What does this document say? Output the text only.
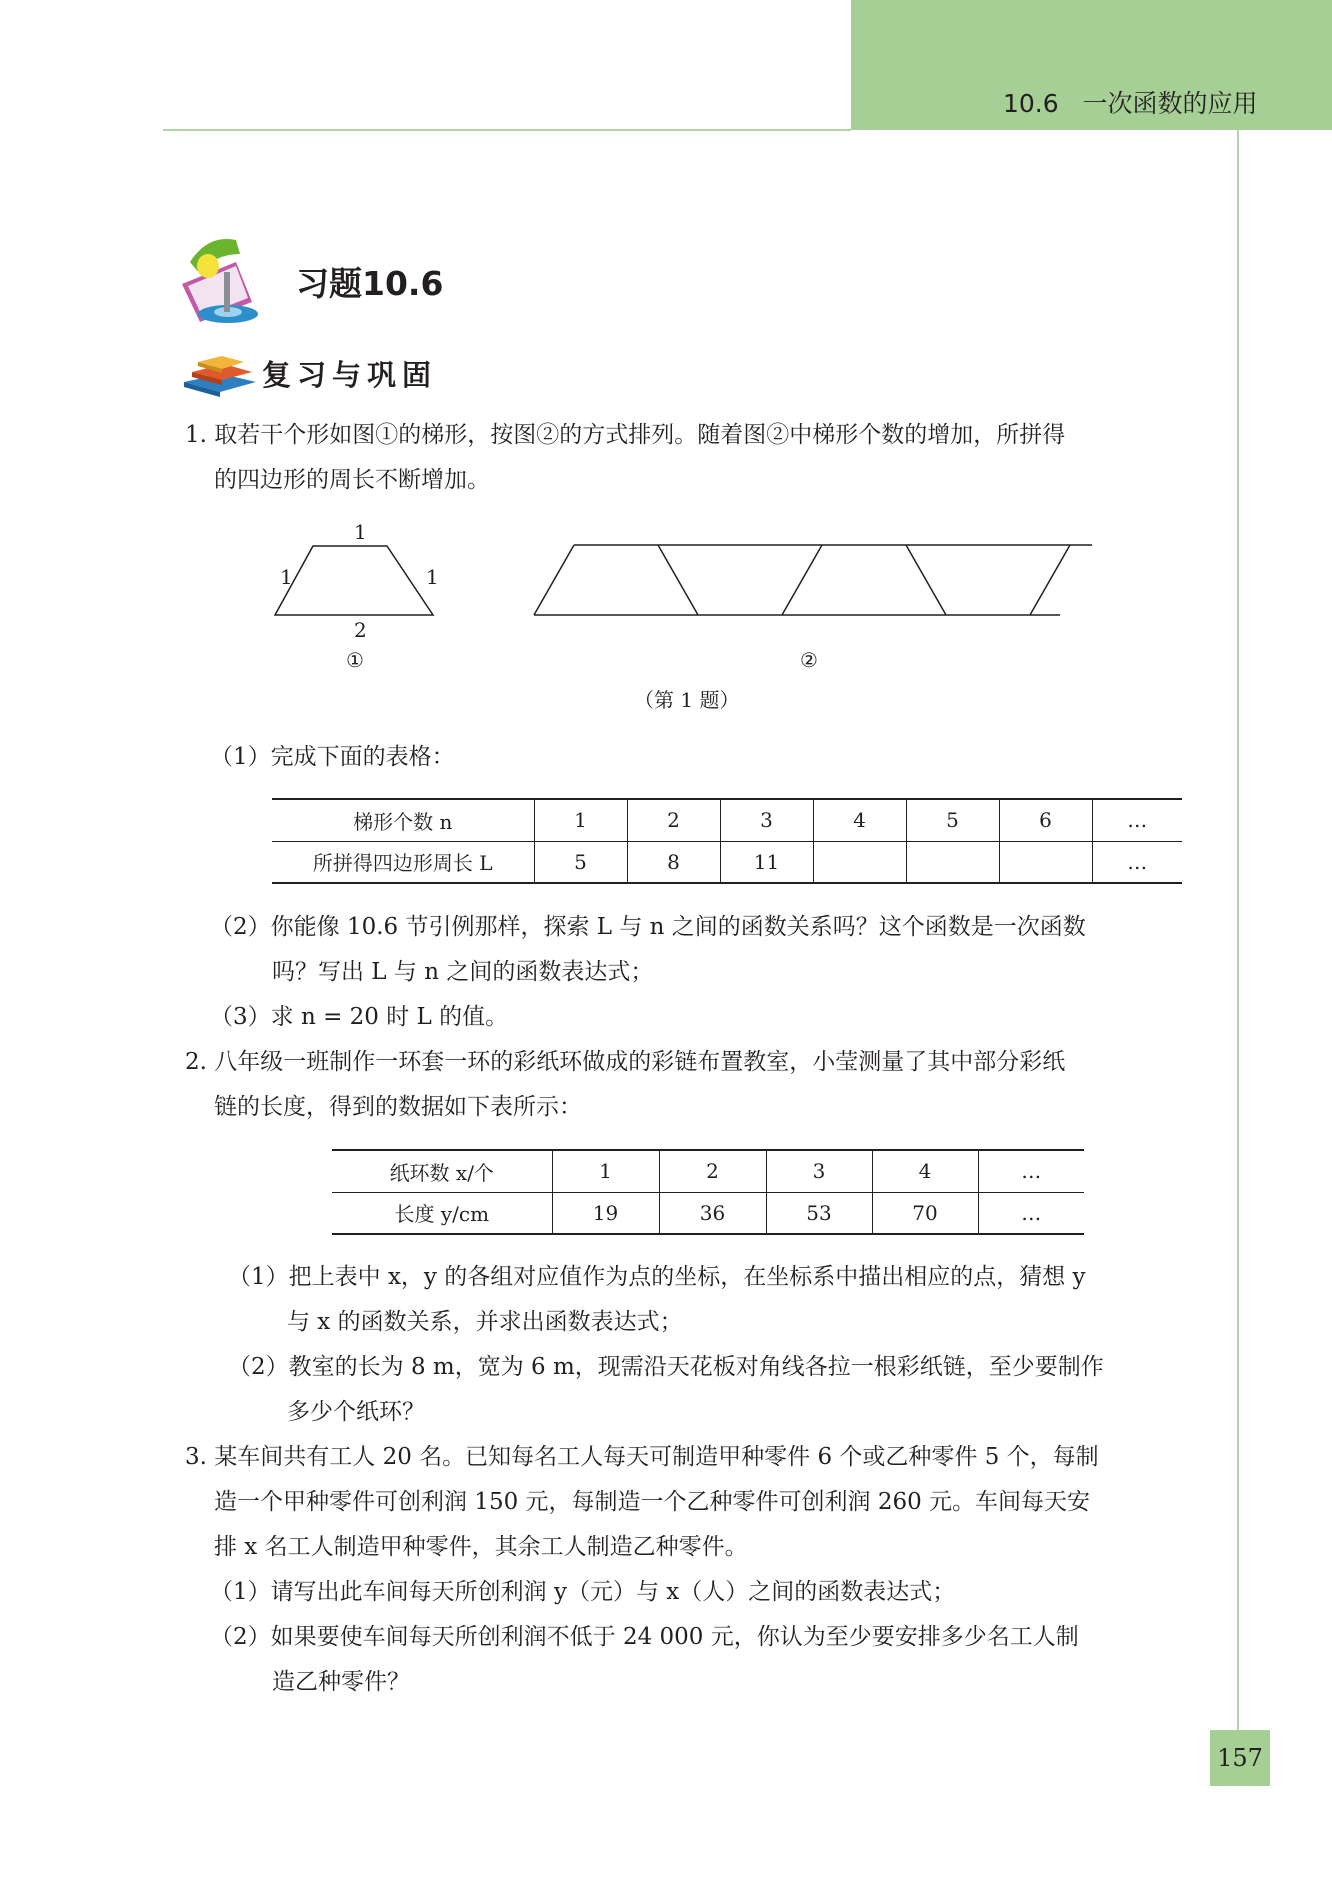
10.6 一次函数的应用
习题10.6
复习与巩固
1. 取若干个形如图①的梯形，按图②的方式排列。随着图②中梯形个数的增加，所拼得
的四边形的周长不断增加。
1
1	1
2
①	②
（第 1 题）
（1）完成下面的表格：
梯形个数 n	1	2	3	4	5	6	…
所拼得四边形周长 L	5	8	11				…
（2）你能像 10.6 节引例那样，探索 L 与 n 之间的函数关系吗？这个函数是一次函数
吗？写出 L 与 n 之间的函数表达式；
（3）求 n = 20 时 L 的值。
2. 八年级一班制作一环套一环的彩纸环做成的彩链布置教室，小莹测量了其中部分彩纸
链的长度，得到的数据如下表所示：
纸环数 x/个	1	2	3	4	…
长度 y/cm	19	36	53	70	…
（1）把上表中 x，y 的各组对应值作为点的坐标，在坐标系中描出相应的点，猜想 y
与 x 的函数关系，并求出函数表达式；
（2）教室的长为 8 m，宽为 6 m，现需沿天花板对角线各拉一根彩纸链，至少要制作
多少个纸环？
3. 某车间共有工人 20 名。已知每名工人每天可制造甲种零件 6 个或乙种零件 5 个，每制
造一个甲种零件可创利润 150 元，每制造一个乙种零件可创利润 260 元。车间每天安
排 x 名工人制造甲种零件，其余工人制造乙种零件。
（1）请写出此车间每天所创利润 y（元）与 x（人）之间的函数表达式；
（2）如果要使车间每天所创利润不低于 24 000 元，你认为至少要安排多少名工人制
造乙种零件？
157
